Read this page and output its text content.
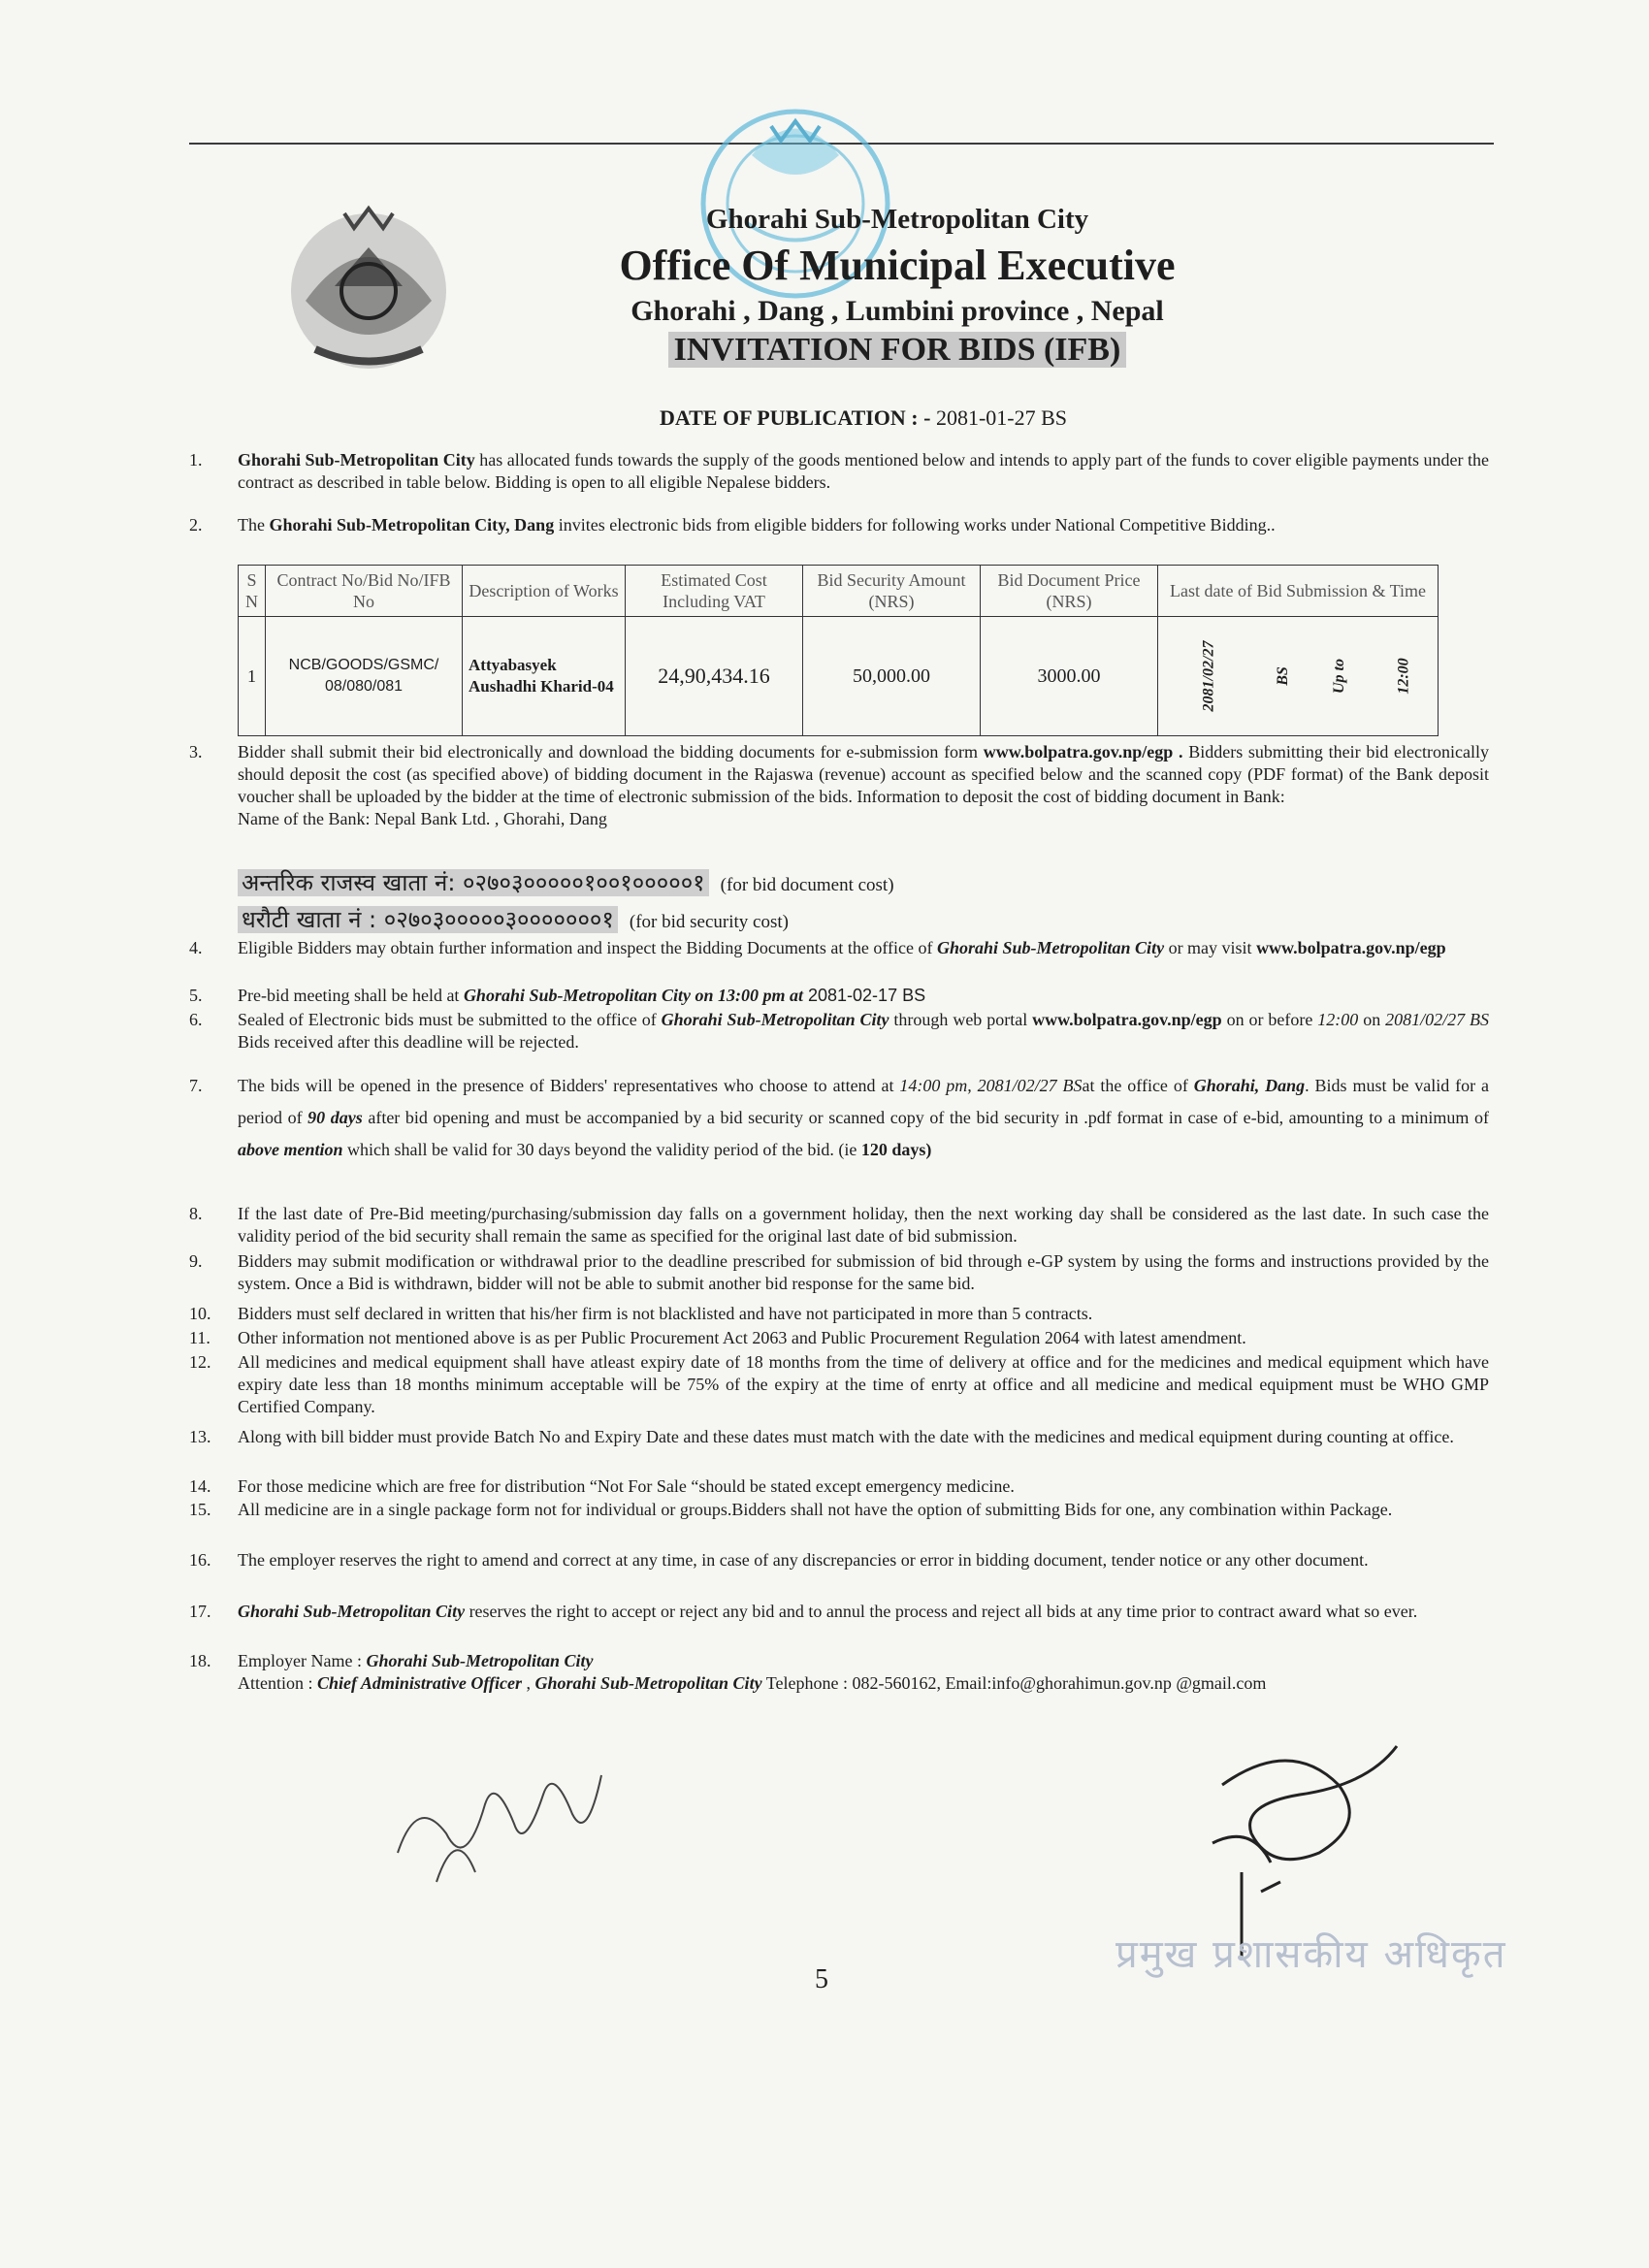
Ghorahi Sub-Metropolitan City
Office Of Municipal Executive
Ghorahi , Dang , Lumbini province , Nepal
INVITATION FOR BIDS (IFB)
DATE OF PUBLICATION : - 2081-01-27 BS
1.	Ghorahi Sub-Metropolitan City has allocated funds towards the supply of the goods mentioned below and intends to apply part of the funds to cover eligible payments under the contract as described in table below. Bidding is open to all eligible Nepalese bidders.
2.	The Ghorahi Sub-Metropolitan City, Dang invites electronic bids from eligible bidders for following works under National Competitive Bidding..
S N	Contract No/Bid No/IFB No	Description of Works	Estimated Cost Including VAT	Bid Security Amount (NRS)	Bid Document Price (NRS)	Last date of Bid Submission & Time
1	NCB/GOODS/GSMC/ 08/080/081	Attyabasyek Aushadhi Kharid-04	24,90,434.16	50,000.00	3000.00	2081/02/27 BS Up to 12:00
3.	Bidder shall submit their bid electronically and download the bidding documents for e-submission form www.bolpatra.gov.np/egp . Bidders submitting their bid electronically should deposit the cost (as specified above) of bidding document in the Rajaswa (revenue) account as specified below and the scanned copy (PDF format) of the Bank deposit voucher shall be uploaded by the bidder at the time of electronic submission of the bids. Information to deposit the cost of bidding document in Bank:
Name of the Bank: Nepal Bank Ltd. , Ghorahi, Dang
अन्तरिक राजस्व खाता नं: ०२७०३०००००१००१०००००१ (for bid document cost)
धरौटी खाता नं : ०२७०३०००००३०००००००१ (for bid security cost)
4.	Eligible Bidders may obtain further information and inspect the Bidding Documents at the office of Ghorahi Sub-Metropolitan City or may visit www.bolpatra.gov.np/egp
5.	Pre-bid meeting shall be held at Ghorahi Sub-Metropolitan City on 13:00 pm at 2081-02-17 BS
6.	Sealed of Electronic bids must be submitted to the office of Ghorahi Sub-Metropolitan City through web portal www.bolpatra.gov.np/egp on or before 12:00 on 2081/02/27 BS Bids received after this deadline will be rejected.
7.	The bids will be opened in the presence of Bidders' representatives who choose to attend at 14:00 pm, 2081/02/27 BSat the office of Ghorahi, Dang. Bids must be valid for a period of 90 days after bid opening and must be accompanied by a bid security or scanned copy of the bid security in .pdf format in case of e-bid, amounting to a minimum of above mention which shall be valid for 30 days beyond the validity period of the bid. (ie 120 days)
8.	If the last date of Pre-Bid meeting/purchasing/submission day falls on a government holiday, then the next working day shall be considered as the last date. In such case the validity period of the bid security shall remain the same as specified for the original last date of bid submission.
9.	Bidders may submit modification or withdrawal prior to the deadline prescribed for submission of bid through e-GP system by using the forms and instructions provided by the system. Once a Bid is withdrawn, bidder will not be able to submit another bid response for the same bid.
10.	Bidders must self declared in written that his/her firm is not blacklisted and have not participated in more than 5 contracts.
11.	Other information not mentioned above is as per Public Procurement Act 2063 and Public Procurement Regulation 2064 with latest amendment.
12.	All medicines and medical equipment shall have atleast expiry date of 18 months from the time of delivery at office and for the medicines and medical equipment which have expiry date less than 18 months minimum acceptable will be 75% of the expiry at the time of enrty at office and all medicine and medical equipment must be WHO GMP Certified Company.
13.	Along with bill bidder must provide Batch No and Expiry Date and these dates must match with the date with the medicines and medical equipment during counting at office.
14.	For those medicine which are free for distribution “Not For Sale “should be stated except emergency medicine.
15.	All medicine are in a single package form not for individual or groups.Bidders shall not have the option of submitting Bids for one, any combination within Package.
16.	The employer reserves the right to amend and correct at any time, in case of any discrepancies or error in bidding document, tender notice or any other document.
17.	Ghorahi Sub-Metropolitan City reserves the right to accept or reject any bid and to annul the process and reject all bids at any time prior to contract award what so ever.
18.	Employer Name : Ghorahi Sub-Metropolitan City
Attention : Chief Administrative Officer , Ghorahi Sub-Metropolitan City Telephone : 082-560162, Email:info@ghorahimun.gov.np @gmail.com
प्रमुख प्रशासकीय अधिकृत
5
